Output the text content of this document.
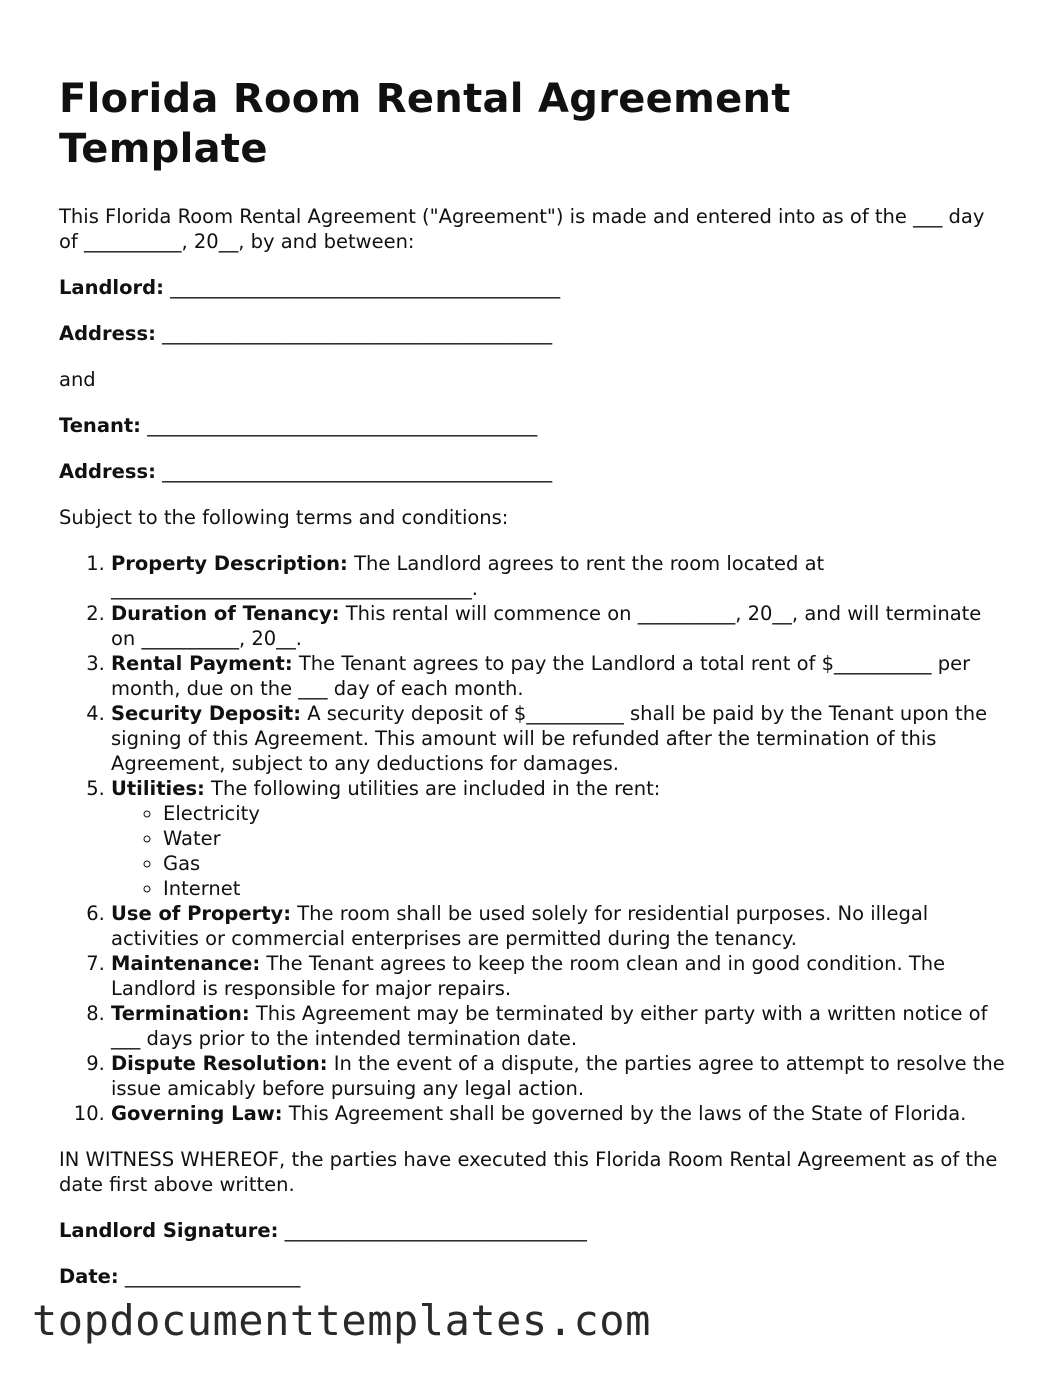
Florida Room Rental Agreement Template

This Florida Room Rental Agreement ("Agreement") is made and entered into as of the ___ day of __________, 20__, by and between:

Landlord: ________________________________________

Address: ________________________________________

and

Tenant: ________________________________________

Address: ________________________________________

Subject to the following terms and conditions:

1. Property Description: The Landlord agrees to rent the room located at _____________________________________.
2. Duration of Tenancy: This rental will commence on __________, 20__, and will terminate on __________, 20__.
3. Rental Payment: The Tenant agrees to pay the Landlord a total rent of $__________ per month, due on the ___ day of each month.
4. Security Deposit: A security deposit of $__________ shall be paid by the Tenant upon the signing of this Agreement. This amount will be refunded after the termination of this Agreement, subject to any deductions for damages.
5. Utilities: The following utilities are included in the rent:
◦ Electricity
◦ Water
◦ Gas
◦ Internet
6. Use of Property: The room shall be used solely for residential purposes. No illegal activities or commercial enterprises are permitted during the tenancy.
7. Maintenance: The Tenant agrees to keep the room clean and in good condition. The Landlord is responsible for major repairs.
8. Termination: This Agreement may be terminated by either party with a written notice of ___ days prior to the intended termination date.
9. Dispute Resolution: In the event of a dispute, the parties agree to attempt to resolve the issue amicably before pursuing any legal action.
10. Governing Law: This Agreement shall be governed by the laws of the State of Florida.

IN WITNESS WHEREOF, the parties have executed this Florida Room Rental Agreement as of the date first above written.

Landlord Signature: _______________________________

Date: __________________

topdocumenttemplates.com
